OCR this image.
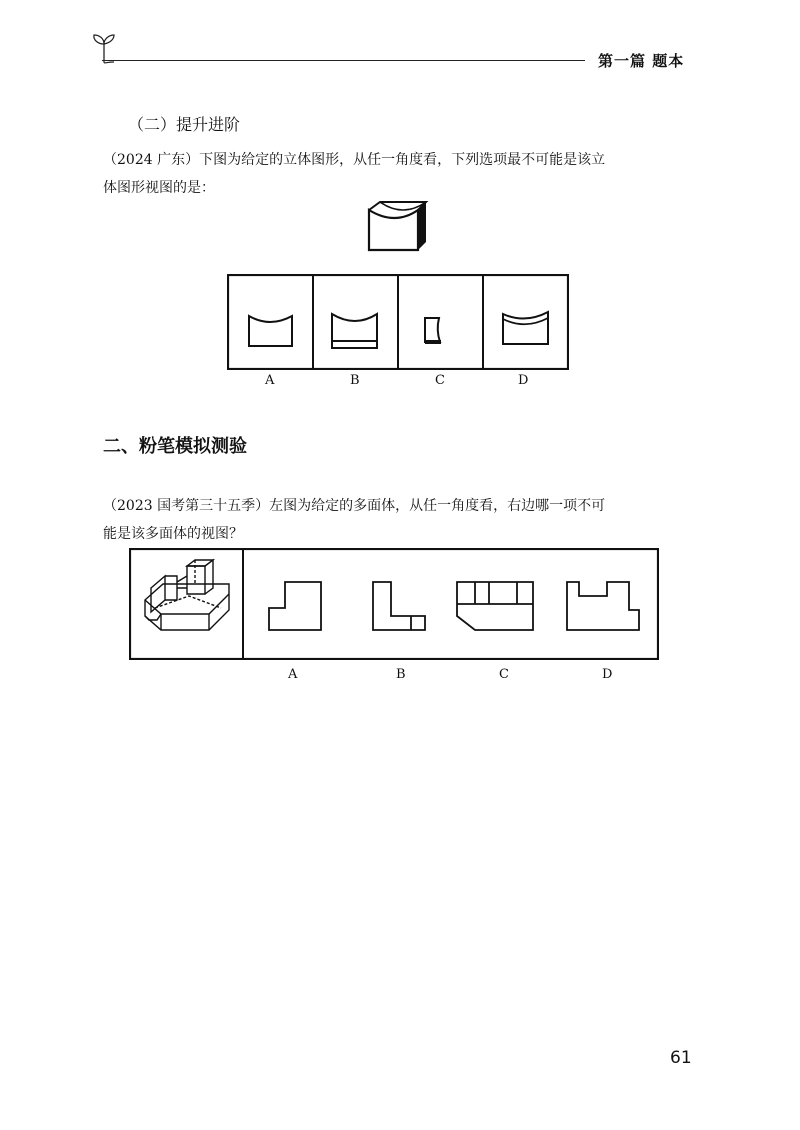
第一篇 题本
（二）提升进阶
（2024 广东）下图为给定的立体图形，从任一角度看，下列选项最不可能是该立
体图形视图的是：
A	B	C	D
二、粉笔模拟测验
（2023 国考第三十五季）左图为给定的多面体，从任一角度看，右边哪一项不可
能是该多面体的视图？
A	B	C	D
61
